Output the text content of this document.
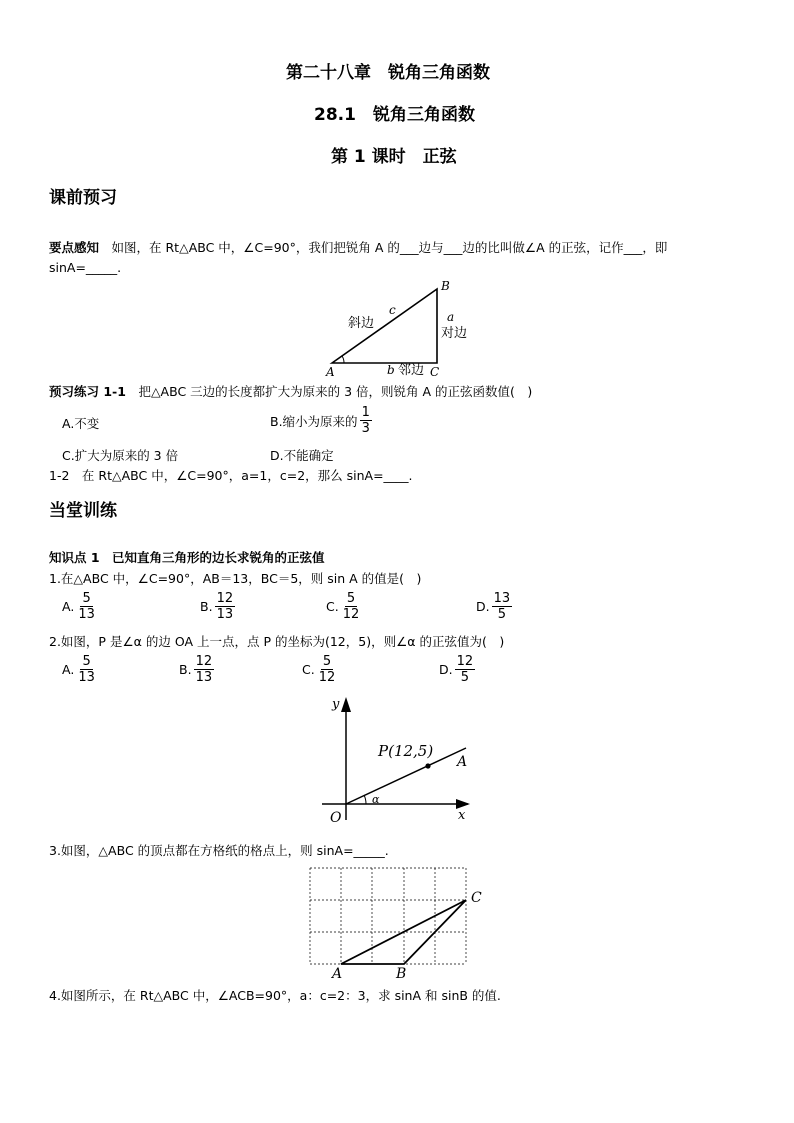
第二十八章　锐角三角函数
28.1　锐角三角函数
第 1 课时　正弦
课前预习
要点感知　如图，在 Rt△ABC 中，∠C=90°，我们把锐角 A 的___边与___边的比叫做∠A 的正弦，记作___，即
sinA=_____.
A
B
C
c
斜边	a
对边
b 邻边
预习练习 1-1　把△ABC 三边的长度都扩大为原来的 3 倍，则锐角 A 的正弦函数值(　)
A.不变	B.缩小为原来的 $\frac{1}{3}$
C.扩大为原来的 3 倍	D.不能确定
1-2　在 Rt△ABC 中，∠C=90°，a=1，c=2，那么 sinA=____.
当堂训练
知识点 1　已知直角三角形的边长求锐角的正弦值
1.在△ABC 中，∠C=90°，AB＝13，BC＝5，则 sin A 的值是(　)
A. $\frac{5}{13}$	B. $\frac{12}{13}$	C. $\frac{5}{12}$	D. $\frac{13}{5}$
2.如图，P 是∠α 的边 OA 上一点，点 P 的坐标为(12，5)，则∠α 的正弦值为(　)
A. $\frac{5}{13}$	B. $\frac{12}{13}$	C. $\frac{5}{12}$	D. $\frac{12}{5}$
y
x
O
A
P(12,5)
α
3.如图，△ABC 的顶点都在方格纸的格点上，则 sinA=_____.
A	B
C
4.如图所示，在 Rt△ABC 中，∠ACB=90°，a：c=2：3，求 sinA 和 sinB 的值.
